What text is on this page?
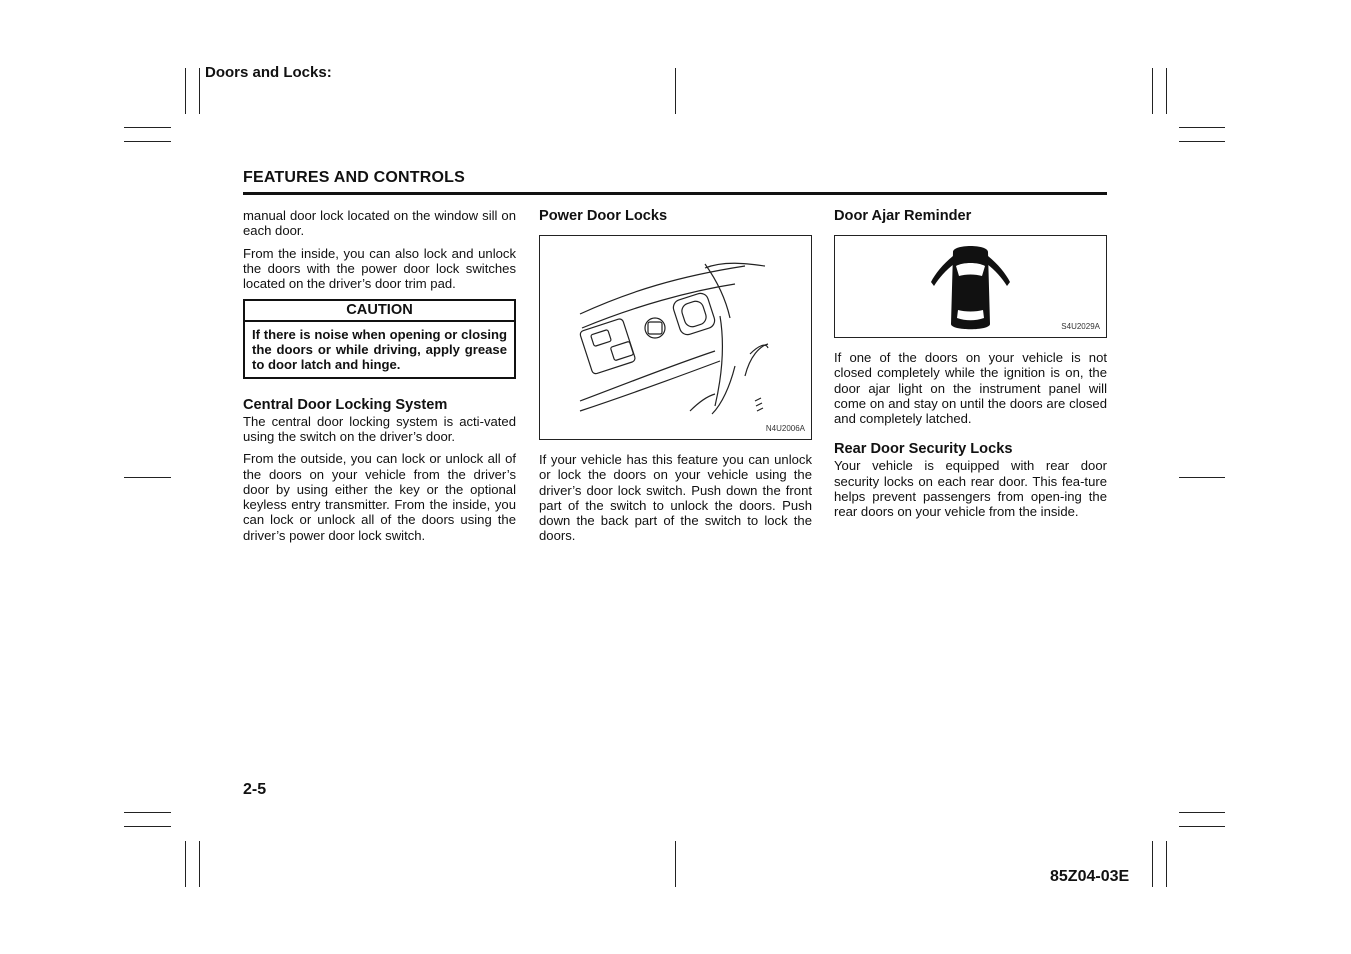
Doors and Locks:
FEATURES AND CONTROLS

manual door lock located on the window sill on each door.

From the inside, you can also lock and unlock the doors with the power door lock switches located on the driver’s door trim pad.

CAUTION
If there is noise when opening or closing the doors or while driving, apply grease to door latch and hinge.
Central Door Locking System

The central door locking system is acti-vated using the switch on the driver’s door.

From the outside, you can lock or unlock all of the doors on your vehicle from the driver’s door by using either the key or the optional keyless entry transmitter. From the inside, you can lock or unlock all of the doors using the driver’s power door lock switch.

Power Door Locks
N4U2006A

If your vehicle has this feature you can unlock or lock the doors on your vehicle using the driver’s door lock switch. Push down the front part of the switch to unlock the doors. Push down the back part of the switch to lock the doors.

Door Ajar Reminder
S4U2029A

If one of the doors on your vehicle is not closed completely while the ignition is on, the door ajar light on the instrument panel will come on and stay on until the doors are closed and completely latched.

Rear Door Security Locks

Your vehicle is equipped with rear door security locks on each rear door. This fea-ture helps prevent passengers from open-ing the rear doors on your vehicle from the inside.

2-5
85Z04-03E
